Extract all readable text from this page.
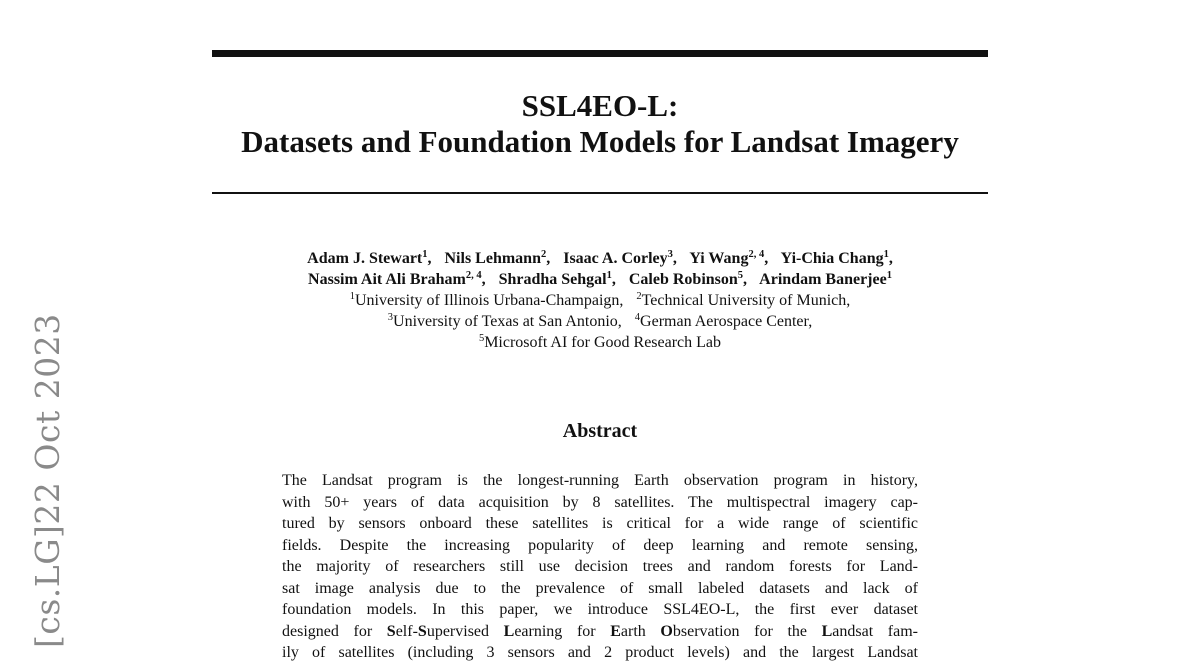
[cs.LG]22 Oct 2023
SSL4EO-L:
Datasets and Foundation Models for Landsat Imagery
Adam J. Stewart$^1$, Nils Lehmann$^2$, Isaac A. Corley$^3$, Yi Wang$^{2, 4}$, Yi-Chia Chang$^1$,
Nassim Ait Ali Braham$^{2, 4}$, Shradha Sehgal$^1$, Caleb Robinson$^5$, Arindam Banerjee$^1$
$^1$University of Illinois Urbana-Champaign, $^2$Technical University of Munich,
$^3$University of Texas at San Antonio, $^4$German Aerospace Center,
$^5$Microsoft AI for Good Research Lab
Abstract
The Landsat program is the longest-running Earth observation program in history,
with 50+ years of data acquisition by 8 satellites. The multispectral imagery cap-
tured by sensors onboard these satellites is critical for a wide range of scientific
fields. Despite the increasing popularity of deep learning and remote sensing,
the majority of researchers still use decision trees and random forests for Land-
sat image analysis due to the prevalence of small labeled datasets and lack of
foundation models. In this paper, we introduce SSL4EO-L, the first ever dataset
designed for Self-Supervised Learning for Earth Observation for the Landsat fam-
ily of satellites (including 3 sensors and 2 product levels) and the largest Landsat
